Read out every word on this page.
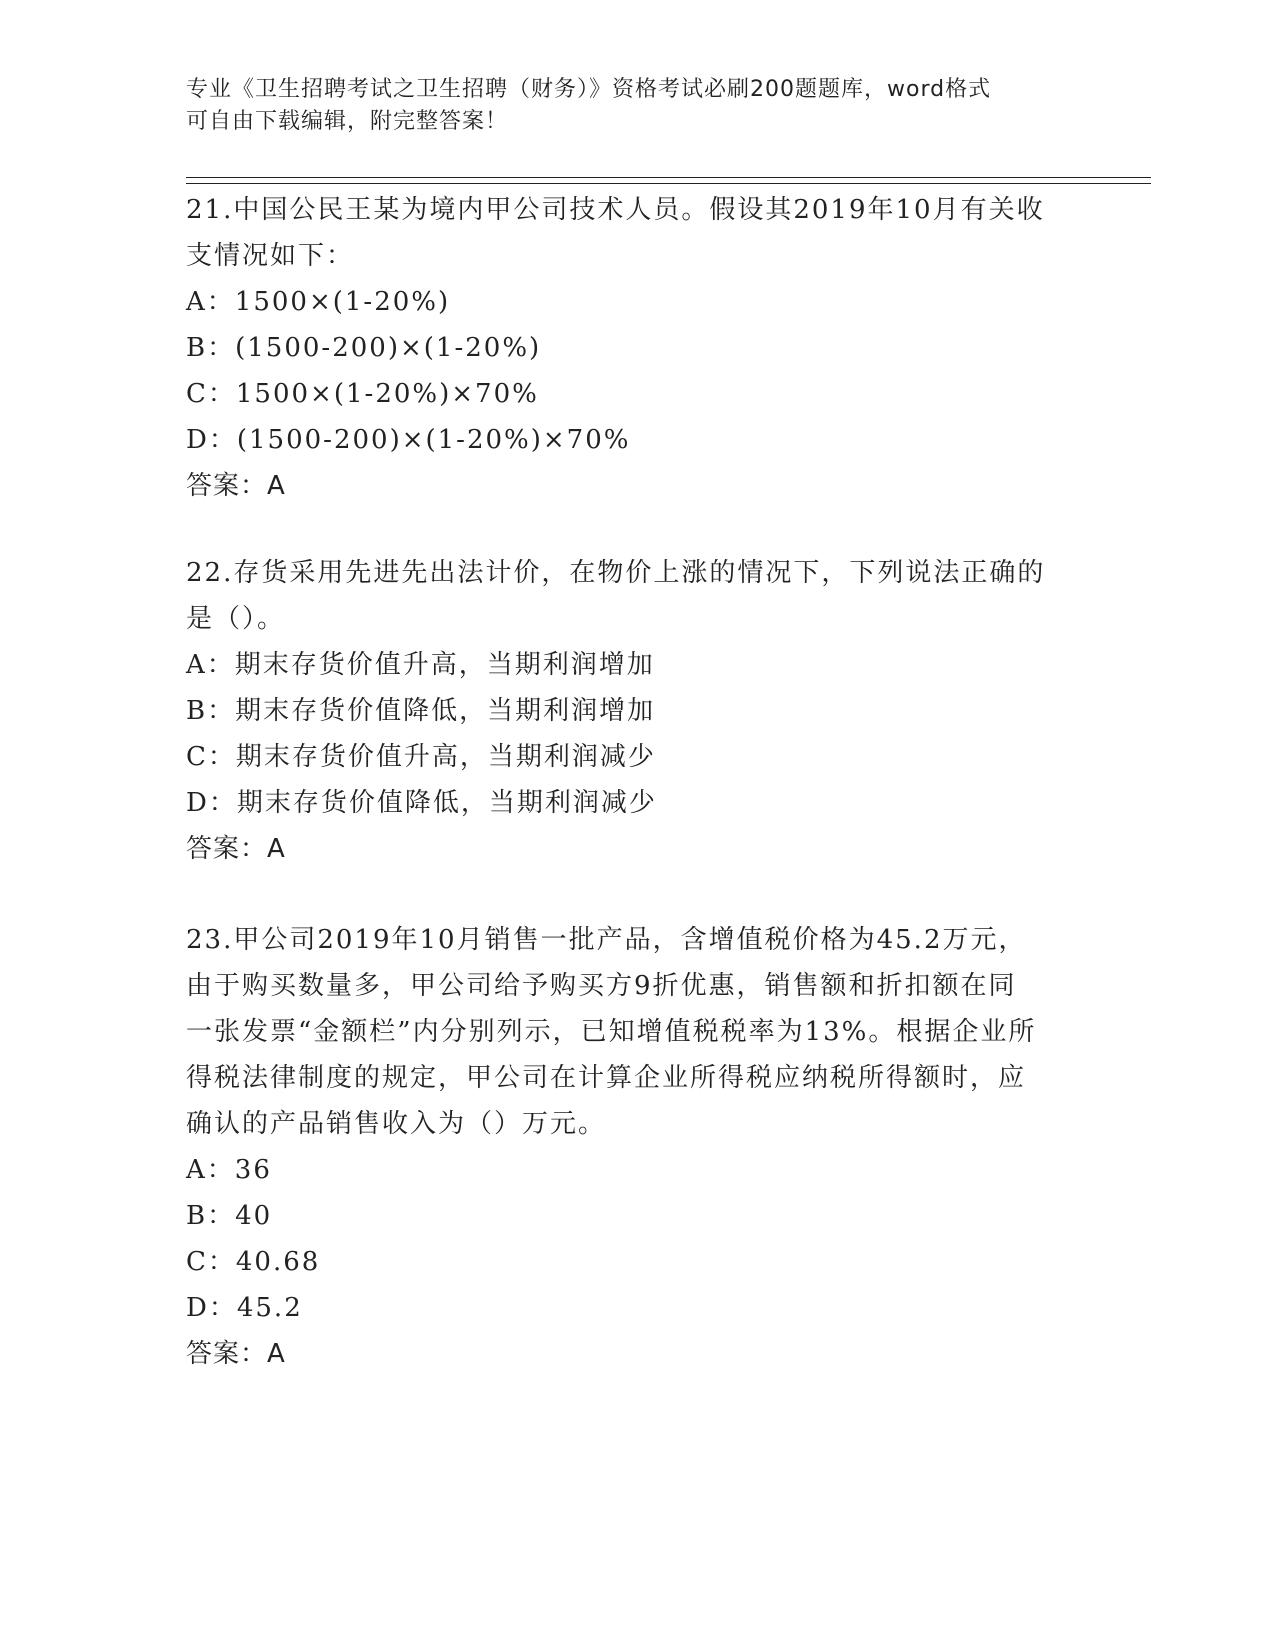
专业《卫生招聘考试之卫生招聘（财务）》资格考试必刷200题题库，word格式
可自由下载编辑，附完整答案！
21.中国公民王某为境内甲公司技术人员。假设其2019年10月有关收
支情况如下：
A：1500×(1-20%)
B：(1500-200)×(1-20%)
C：1500×(1-20%)×70%
D：(1500-200)×(1-20%)×70%
答案：A
22.存货采用先进先出法计价，在物价上涨的情况下，下列说法正确的
是（）。
A：期末存货价值升高，当期利润增加
B：期末存货价值降低，当期利润增加
C：期末存货价值升高，当期利润减少
D：期末存货价值降低，当期利润减少
答案：A
23.甲公司2019年10月销售一批产品，含增值税价格为45.2万元，
由于购买数量多，甲公司给予购买方9折优惠，销售额和折扣额在同
一张发票“金额栏”内分别列示，已知增值税税率为13%。根据企业所
得税法律制度的规定，甲公司在计算企业所得税应纳税所得额时，应
确认的产品销售收入为（）万元。
A：36
B：40
C：40.68
D：45.2
答案：A
